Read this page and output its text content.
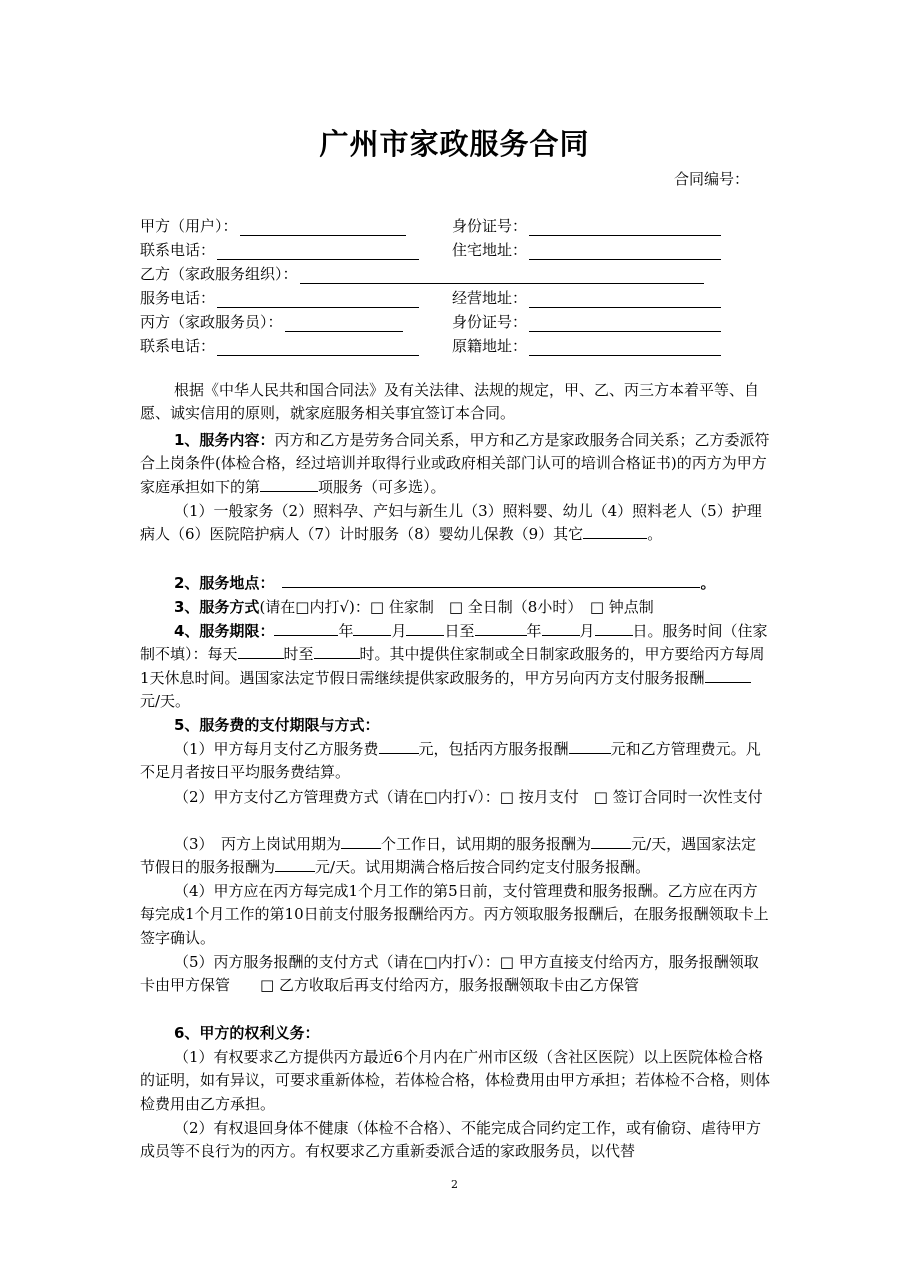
广州市家政服务合同
合同编号：
甲方（用户）：	身份证号：
联系电话：	住宅地址：
乙方（家政服务组织）：
服务电话：	经营地址：
丙方（家政服务员）：	身份证号：
联系电话：	原籍地址：
根据《中华人民共和国合同法》及有关法律、法规的规定，甲、乙、丙三方本着平等、自愿、诚实信用的原则，就家庭服务相关事宜签订本合同。
1、服务内容：丙方和乙方是劳务合同关系，甲方和乙方是家政服务合同关系；乙方委派符合上岗条件(体检合格，经过培训并取得行业或政府相关部门认可的培训合格证书)的丙方为甲方家庭承担如下的第	项服务（可多选）。
（1）一般家务（2）照料孕、产妇与新生儿（3）照料婴、幼儿（4）照料老人（5）护理病人（6）医院陪护病人（7）计时服务（8）婴幼儿保教（9）其它	。
2、服务地点：	。
3、服务方式(请在□内打√)：□ 住家制　□ 全日制（8小时）　□ 钟点制
4、服务期限：	年	月	日至	年	月	日。服务时间（住家制不填）：每天	时至	时。其中提供住家制或全日制家政服务的，甲方要给丙方每周1天休息时间。遇国家法定节假日需继续提供家政服务的，甲方另向丙方支付服务报酬元/天。
5、服务费的支付期限与方式：
（1）甲方每月支付乙方服务费	元，包括丙方服务报酬	元和乙方管理费元。凡不足月者按日平均服务费结算。
（2）甲方支付乙方管理费方式（请在□内打√）：□ 按月支付　□ 签订合同时一次性支付
（3）　丙方上岗试用期为	个工作日，试用期的服务报酬为	元/天，遇国家法定节假日的服务报酬为	元/天。试用期满合格后按合同约定支付服务报酬。
（4）甲方应在丙方每完成1个月工作的第5日前，支付管理费和服务报酬。乙方应在丙方每完成1个月工作的第10日前支付服务报酬给丙方。丙方领取服务报酬后，在服务报酬领取卡上签字确认。
（5）丙方服务报酬的支付方式（请在□内打√）：□ 甲方直接支付给丙方，服务报酬领取卡由甲方保管　　□ 乙方收取后再支付给丙方，服务报酬领取卡由乙方保管
6、甲方的权利义务：
（1）有权要求乙方提供丙方最近6个月内在广州市区级（含社区医院）以上医院体检合格的证明，如有异议，可要求重新体检，若体检合格，体检费用由甲方承担；若体检不合格，则体检费用由乙方承担。
（2）有权退回身体不健康（体检不合格）、不能完成合同约定工作，或有偷窃、虐待甲方成员等不良行为的丙方。有权要求乙方重新委派合适的家政服务员，以代替
2
